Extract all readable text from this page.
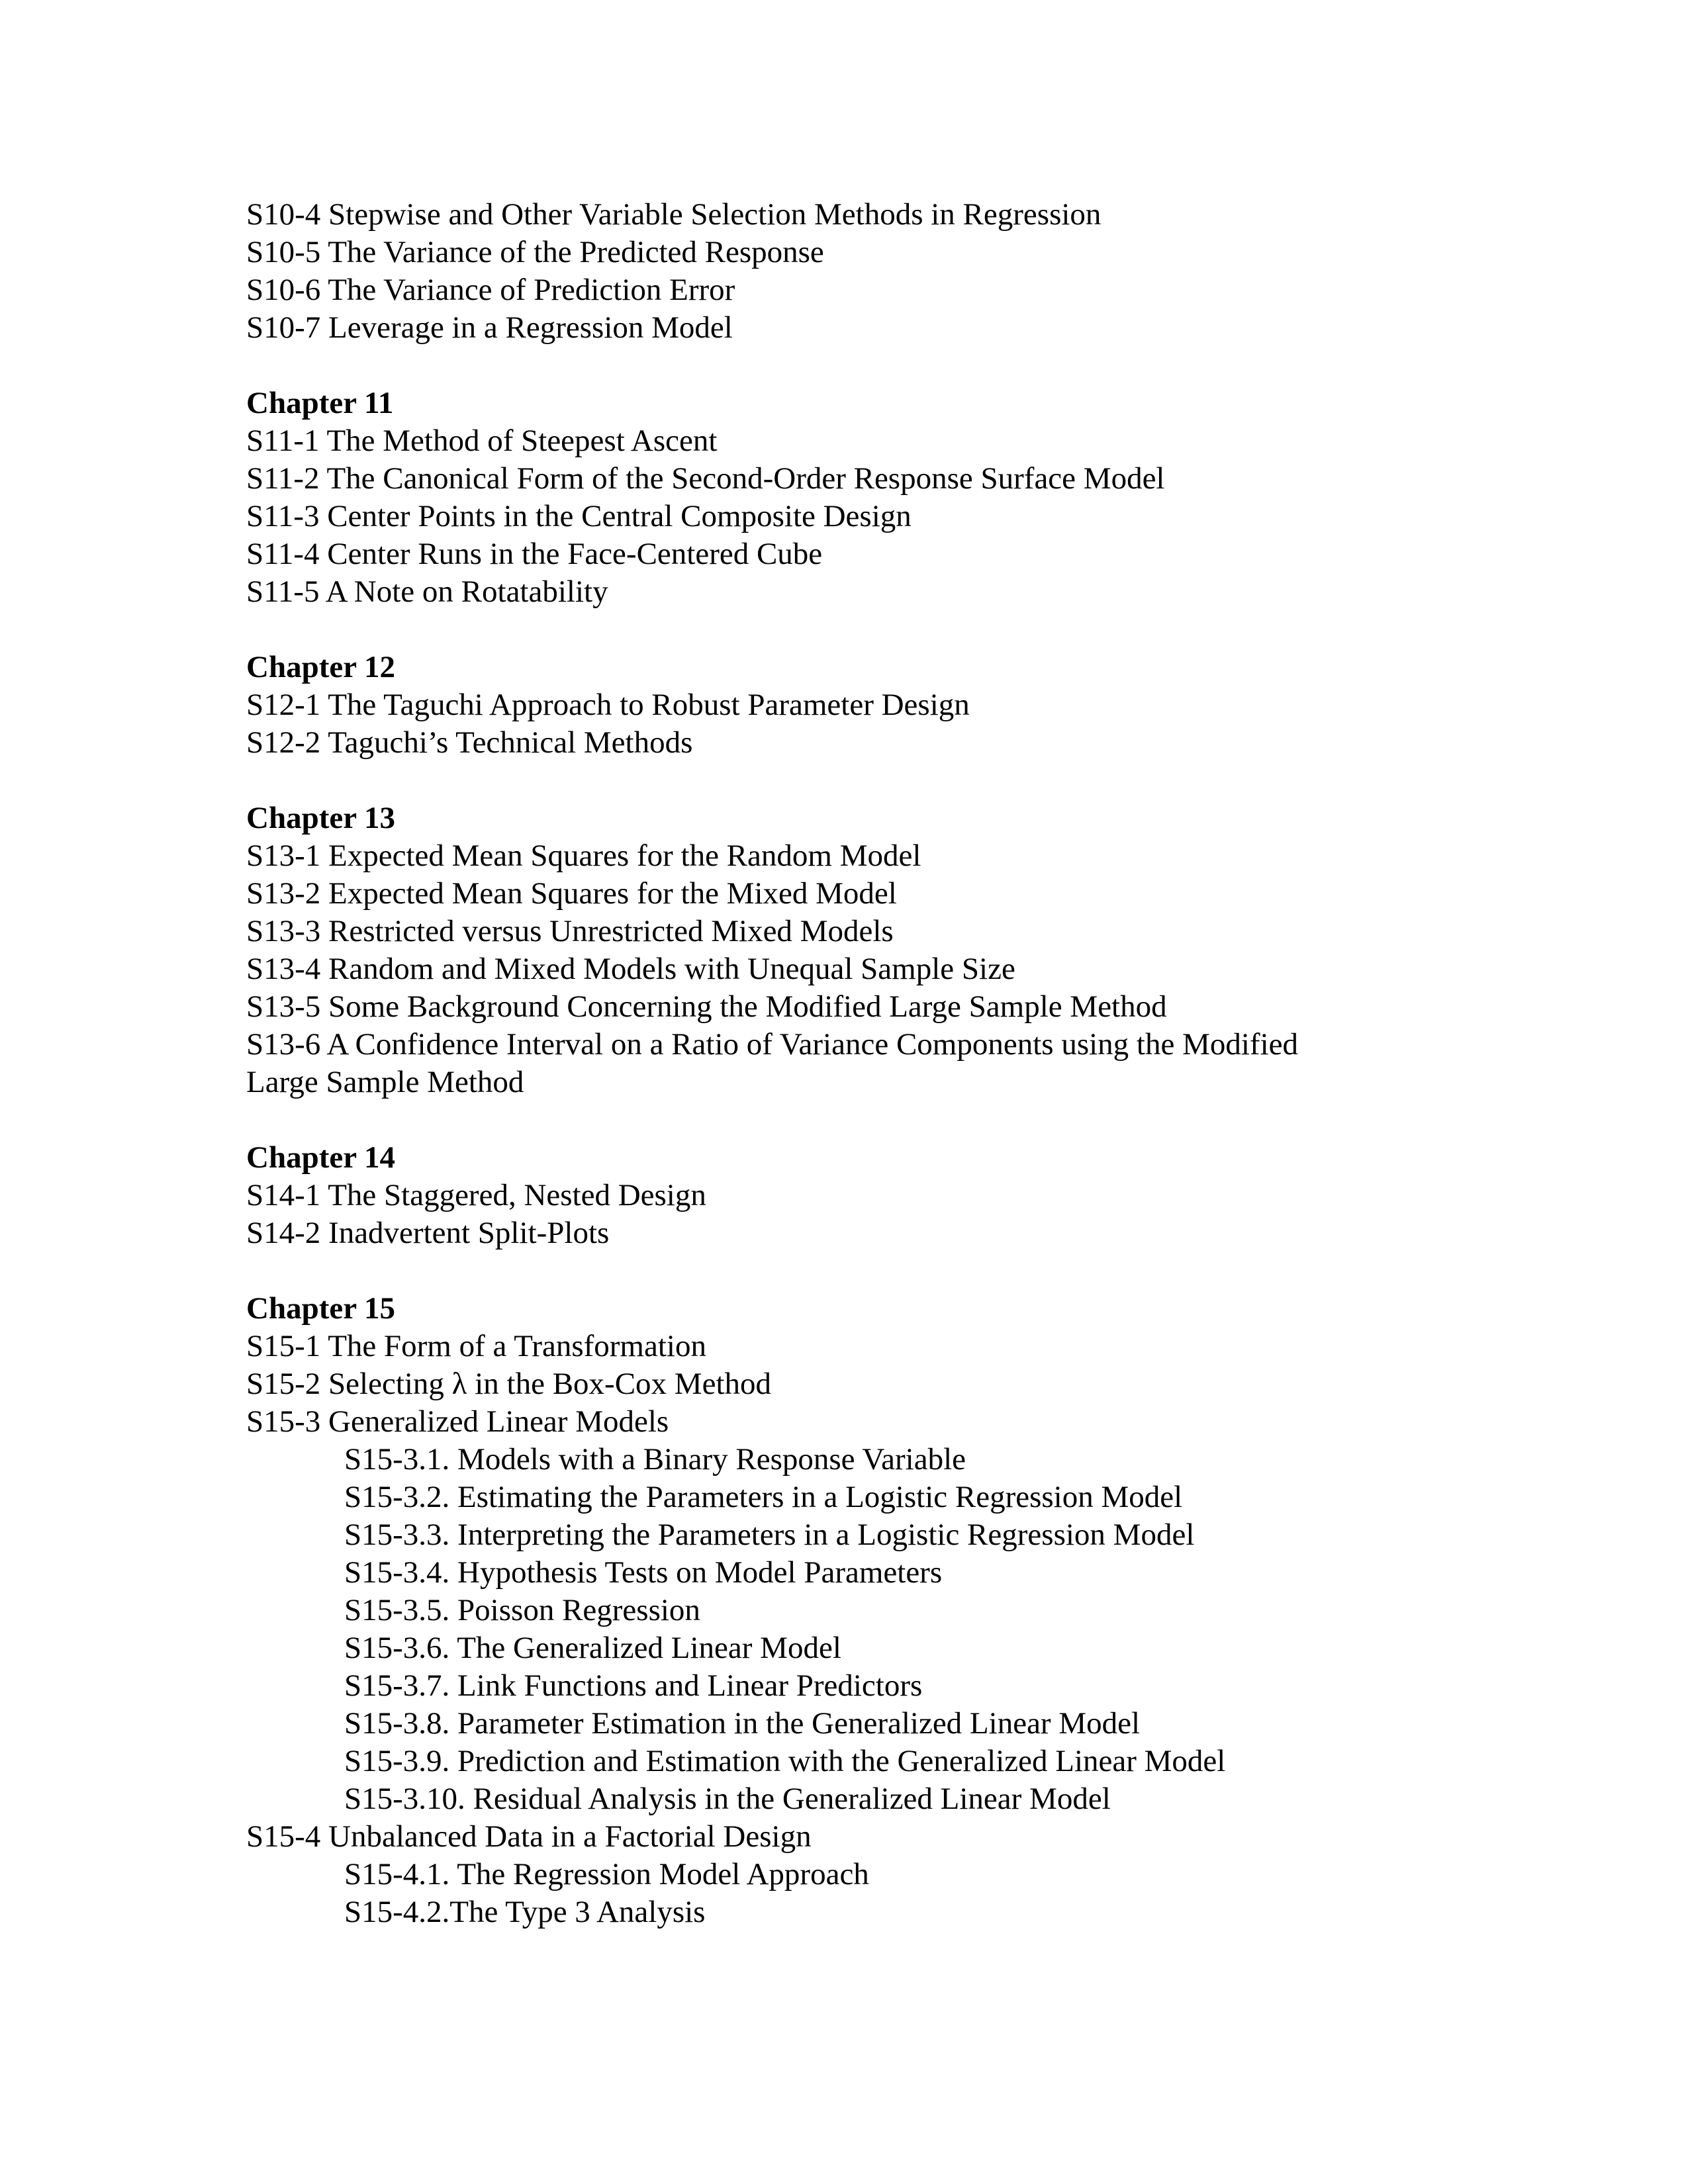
S10-4 Stepwise and Other Variable Selection Methods in Regression
S10-5 The Variance of the Predicted Response
S10-6 The Variance of Prediction Error
S10-7 Leverage in a Regression Model
Chapter 11
S11-1 The Method of Steepest Ascent
S11-2 The Canonical Form of the Second-Order Response Surface Model
S11-3 Center Points in the Central Composite Design
S11-4 Center Runs in the Face-Centered Cube
S11-5 A Note on Rotatability
Chapter 12
S12-1 The Taguchi Approach to Robust Parameter Design
S12-2 Taguchi’s Technical Methods
Chapter 13
S13-1 Expected Mean Squares for the Random Model
S13-2 Expected Mean Squares for the Mixed Model
S13-3 Restricted versus Unrestricted Mixed Models
S13-4 Random and Mixed Models with Unequal Sample Size
S13-5 Some Background Concerning the Modified Large Sample Method
S13-6 A Confidence Interval on a Ratio of Variance Components using the Modified
Large Sample Method
Chapter 14
S14-1 The Staggered, Nested Design
S14-2 Inadvertent Split-Plots
Chapter 15
S15-1 The Form of a Transformation
S15-2 Selecting λ in the Box-Cox Method
S15-3 Generalized Linear Models
S15-3.1. Models with a Binary Response Variable
S15-3.2. Estimating the Parameters in a Logistic Regression Model
S15-3.3. Interpreting the Parameters in a Logistic Regression Model
S15-3.4. Hypothesis Tests on Model Parameters
S15-3.5. Poisson Regression
S15-3.6. The Generalized Linear Model
S15-3.7. Link Functions and Linear Predictors
S15-3.8. Parameter Estimation in the Generalized Linear Model
S15-3.9. Prediction and Estimation with the Generalized Linear Model
S15-3.10. Residual Analysis in the Generalized Linear Model
S15-4 Unbalanced Data in a Factorial Design
S15-4.1. The Regression Model Approach
S15-4.2.The Type 3 Analysis
